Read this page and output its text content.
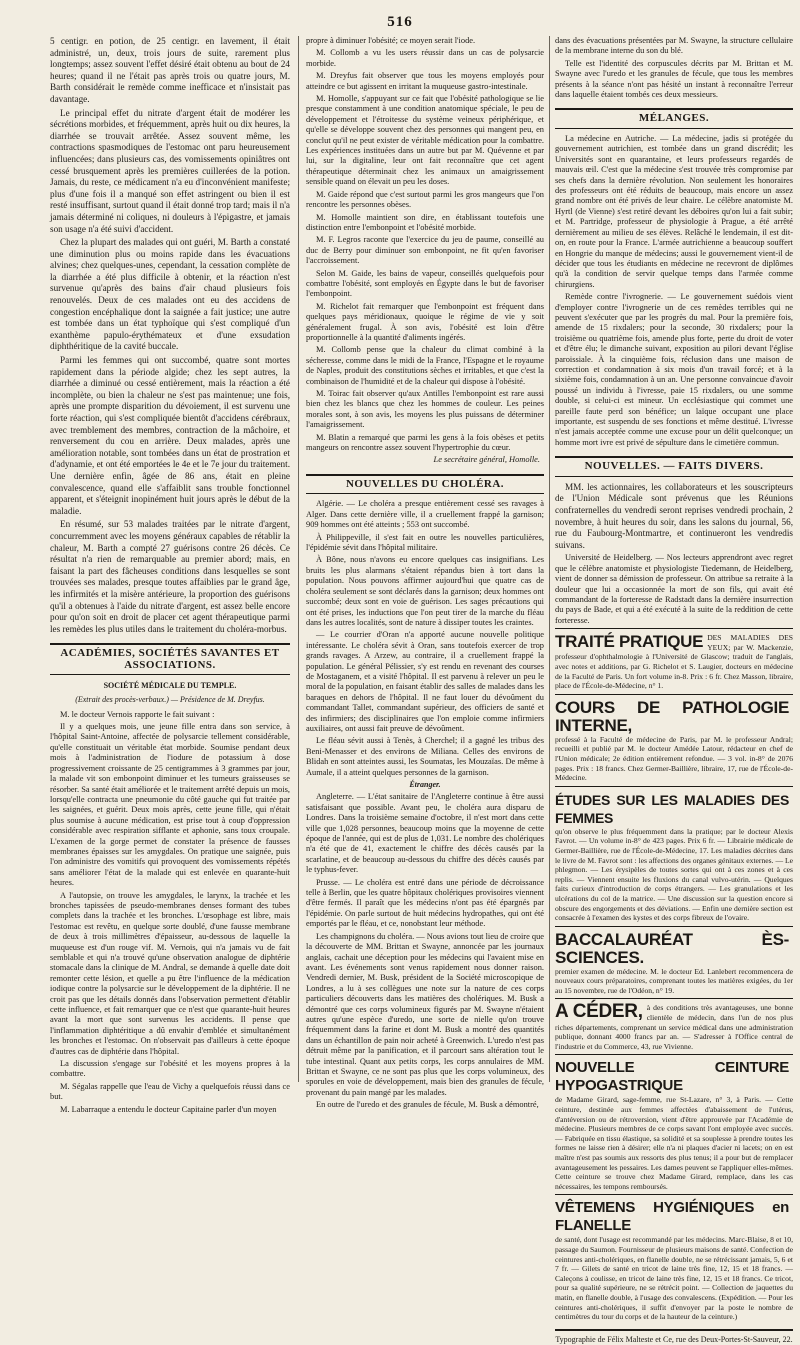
516

5 centigr. en potion, de 25 centigr. en lavement, il était administré, un, deux, trois jours de suite, rarement plus longtemps; assez souvent l'effet désiré était obtenu au bout de 24 heures; quand il ne l'était pas après trois ou quatre jours, M. Barth considérait le remède comme inefficace et n'insistait pas davantage.

Le principal effet du nitrate d'argent était de modérer les sécrétions morbides, et fréquemment, après huit ou dix heures, la diarrhée se trouvait arrêtée. Assez souvent même, les contractions spasmodiques de l'estomac ont paru heureusement influencées; dans plusieurs cas, des vomissements opiniâtres ont cessé brusquement après les premières cuillerées de la potion. Jamais, du reste, ce médicament n'a eu d'inconvénient manifeste; plus d'une fois il a manqué son effet astringent ou bien il est resté insuffisant, surtout quand il était donné trop tard; mais il n'a jamais déterminé ni coliques, ni douleurs à l'épigastre, et jamais son usage n'a été suivi d'accident.

Chez la plupart des malades qui ont guéri, M. Barth a constaté une diminution plus ou moins rapide dans les évacuations alvines; chez quelques-unes, cependant, la cessation complète de la diarrhée a été plus difficile à obtenir, et la réaction n'est survenue qu'après des bains d'air chaud plusieurs fois renouvelés. Deux de ces malades ont eu des accidens de congestion encéphalique dont la saignée a fait justice; une autre est tombée dans un état typhoïque qui s'est compliqué d'un exanthème papulo-érythémateux et d'une exsudation diphthéritique de la cavité buccale.

Parmi les femmes qui ont succombé, quatre sont mortes rapidement dans la période algide; chez les sept autres, la diarrhée a diminué ou cessé entièrement, mais la réaction a été incomplète, ou bien la chaleur ne s'est pas maintenue; une fois, après une prompte disparition du dévoiement, il est survenu une forte réaction, qui s'est compliquée bientôt d'accidens cérébraux, avec tremblement des membres, contraction de la mâchoire, et renversement du cou en arrière. Deux malades, après une amélioration notable, sont tombées dans un état de prostration et d'adynamie, et ont été emportées le 4e et le 7e jour du traitement. Une dernière enfin, âgée de 86 ans, était en pleine convalescence, quand elle s'affaiblit sans trouble fonctionnel apparent, et s'éteignit inopinément huit jours après le début de la maladie.

En résumé, sur 53 malades traitées par le nitrate d'argent, concurremment avec les moyens généraux capables de rétablir la chaleur, M. Barth a compté 27 guérisons contre 26 décès. Ce résultat n'a rien de remarquable au premier abord; mais, en faisant la part des fâcheuses conditions dans lesquelles se sont trouvées ses malades, presque toutes affaiblies par le grand âge, les infirmités et la misère antérieure, la proportion des guérisons qu'il a obtenues à l'aide du nitrate d'argent, est assez belle encore pour qu'on soit en droit de placer cet agent thérapeutique parmi les remèdes les plus utiles dans le traitement du choléra-morbus.

ACADÉMIES, SOCIÉTÉS SAVANTES ET ASSOCIATIONS.
SOCIÉTÉ MÉDICALE DU TEMPLE.
(Extrait des procès-verbaux.) — Présidence de M. Dreyfus.

M. le docteur Vernois rapporte le fait suivant :

Il y a quelques mois, une jeune fille entra dans son service, à l'hôpital Saint-Antoine, affectée de polysarcie tellement considérable, qu'elle constituait un véritable état morbide. Soumise pendant deux mois à l'administration de l'iodure de potassium à dose progressivement croissante de 25 centigrammes à 3 grammes par jour, la malade vit son embonpoint diminuer et les tumeurs graisseuses se résorber. Sa santé était améliorée et le traitement arrêté depuis un mois, lorsqu'elle contracta une pneumonie du côté gauche qui fut traitée par les saignées, et guérit. Deux mois après, cette jeune fille, qui n'était plus soumise à aucune médication, est prise tout à coup d'oppression considérable avec respiration sifflante et aphonie, sans toux croupale. L'examen de la gorge permet de constater la présence de fausses membranes épaisses sur les amygdales. On pratique une saignée, puis l'on administre des vomitifs qui provoquent des vomissements répétés sans améliorer l'état de la malade qui est enlevée en quarante-huit heures.

A l'autopsie, on trouve les amygdales, le larynx, la trachée et les bronches tapissées de pseudo-membranes denses formant des tubes complets dans la trachée et les bronches. L'œsophage est libre, mais l'estomac est revêtu, en quelque sorte doublé, d'une fausse membrane de deux à trois millimètres d'épaisseur, au-dessous de laquelle la muqueuse est d'un rouge vif. M. Vernois, qui n'a jamais vu de fait semblable et qui n'a trouvé qu'une observation analogue de diphtérie stomacale dans la clinique de M. Andral, se demande à quelle date doit remonter cette lésion, et quelle a pu être l'influence de la médication iodique contre la polysarcie sur le développement de la diphtérie. Il ne croit pas que les détails donnés dans l'observation permettent d'établir cette influence, et fait remarquer que ce n'est que quarante-huit heures avant la mort que sont survenus les accidents. Il pense que l'inflammation diphtéritique a dû envahir d'emblée et simultanément les bronches et l'estomac. On n'observait pas d'ailleurs à cette époque d'autres cas de diphtérie dans l'hôpital.

La discussion s'engage sur l'obésité et les moyens propres à la combattre.

M. Ségalas rappelle que l'eau de Vichy a quelquefois réussi dans ce but.

M. Labarraque a entendu le docteur Capitaine parler d'un moyen

propre à diminuer l'obésité; ce moyen serait l'iode.

M. Collomb a vu les users réussir dans un cas de polysarcie morbide.

M. Dreyfus fait observer que tous les moyens employés pour atteindre ce but agissent en irritant la muqueuse gastro-intestinale.

M. Homolle, s'appuyant sur ce fait que l'obésité pathologique se lie presque constamment à une condition anatomique spéciale, le peu de développement et l'étroitesse du système veineux périphérique, et qu'elle se développe souvent chez des personnes qui mangent peu, en conclut qu'il ne peut exister de véritable médication pour la combattre. Les expériences instituées dans un autre but par M. Quévenne et par lui, sur la digitaline, leur ont fait reconnaître que cet agent thérapeutique déterminait chez les animaux un amaigrissement sensible quand on élevait un peu les doses.

M. Gaide répond que c'est surtout parmi les gros mangeurs que l'on rencontre les personnes obèses.

M. Homolle maintient son dire, en établissant toutefois une distinction entre l'embonpoint et l'obésité morbide.

M. F. Legros raconte que l'exercice du jeu de paume, conseillé au duc de Berry pour diminuer son embonpoint, ne fit qu'en favoriser l'accroissement.

Selon M. Gaide, les bains de vapeur, conseillés quelquefois pour combattre l'obésité, sont employés en Égypte dans le but de favoriser l'embonpoint.

M. Richelot fait remarquer que l'embonpoint est fréquent dans quelques pays méridionaux, quoique le régime de vie y soit généralement frugal. À son avis, l'obésité est loin d'être proportionnelle à la quantité d'aliments ingérés.

M. Collomb pense que la chaleur du climat combiné à la sécheresse, comme dans le midi de la France, l'Espagne et le royaume de Naples, produit des constitutions sèches et irritables, et que c'est la combinaison de l'humidité et de la chaleur qui dispose à l'obésité.

M. Toirac fait observer qu'aux Antilles l'embonpoint est rare aussi bien chez les blancs que chez les hommes de couleur. Les peines morales sont, à son avis, les moyens les plus puissans de déterminer l'amaigrissement.

M. Blatin a remarqué que parmi les gens à la fois obèses et petits mangeurs on rencontre assez souvent l'hypertrophie du cœur.

Le secrétaire général, Homolle.
NOUVELLES DU CHOLÉRA.

Algérie. — Le choléra a presque entièrement cessé ses ravages à Alger. Dans cette dernière ville, il a cruellement frappé la garnison; 909 hommes ont été atteints ; 553 ont succombé.

À Philippeville, il s'est fait en outre les nouvelles particulières, l'épidémie sévit dans l'hôpital militaire.

À Bône, nous n'avons eu encore quelques cas insignifians. Les bruits les plus alarmans s'étaient répandus bien à tort dans la population. Nous pouvons affirmer aujourd'hui que quatre cas de choléra seulement se sont déclarés dans la garnison; deux hommes ont succombé; deux sont en voie de guérison. Les sages précautions qui ont été prises, les inductions que l'on peut tirer de la marche du fléau dans les autres localités, sont de nature à dissiper toutes les craintes.

— Le courrier d'Oran n'a apporté aucune nouvelle politique intéressante. Le choléra sévit à Oran, sans toutefois exercer de trop grands ravages. A Arzew, au contraire, il a cruellement frappé la population. Le général Pélissier, s'y est rendu en revenant des courses de Mostaganem, et a visité l'hôpital. Il est parvenu à relever un peu le moral de la population, en faisant établir des salles de malades dans les baraques en dehors de l'hôpital. Il ne faut louer du dévoûment du commandant Tallet, commandant supérieur, des officiers de santé et des infirmiers; des disciplinaires que l'on emploie comme infirmiers auxiliaires, ont aussi fait preuve de dévoûment.

Le fléau sévit aussi à Tenès, à Cherchel; il a gagné les tribus des Beni-Menasser et des environs de Miliana. Celles des environs de Blidah en sont atteintes aussi, les Soumatas, les Mouzaïas. De même à Aumale, il a atteint quelques personnes de la garnison.

Étranger.

Angleterre. — L'état sanitaire de l'Angleterre continue à être aussi satisfaisant que possible. Avant peu, le choléra aura disparu de Londres. Dans la troisième semaine d'octobre, il n'est mort dans cette ville que 1,028 personnes, beaucoup moins que la moyenne de cette époque de l'année, qui est de plus de 1,031. Le nombre des cholériques n'a été que de 41, exactement le chiffre des décès causés par la scarlatine, et de beaucoup au-dessous du chiffre des décès causés par le typhus-fever.

Prusse. — Le choléra est entré dans une période de décroissance telle à Berlin, que les quatre hôpitaux cholériques provisoires viennent d'être fermés. Il paraît que les médecins n'ont pas été épargnés par l'épidémie. On parle surtout de huit médecins hydropathes, qui ont été emportés par le fléau, et ce, nonobstant leur méthode.

Les champignons du choléra. — Nous avions tout lieu de croire que la découverte de MM. Brittan et Swayne, annoncée par les journaux anglais, cachait une déception pour les médecins qui l'avaient mise en avant. Les événements sont venus rapidement nous donner raison. Vendredi dernier, M. Busk, président de la Société microscopique de Londres, a lu à ses collègues une note sur la nature de ces corps particuliers découverts dans les matières des cholériques. M. Busk a démontré que ces corps volumineux figurés par M. Swayne n'étaient autres qu'une espèce d'uredo, une sorte de nielle qu'on trouve fréquemment dans la farine et dont M. Busk a montré des quantités dans un échantillon de pain noir acheté à Greenwich. L'uredo n'est pas détruit même par la panification, et il parcourt sans altération tout le tube intestinal. Quant aux petits corps, les corps annulaires de MM. Brittan et Swayne, ce ne sont pas plus que les corps volumineux, des sporules en voie de développement, mais bien des granules de fécule, provenant du pain mangé par les malades.

En outre de l'uredo et des granules de fécule, M. Busk a démontré,

dans des évacuations présentées par M. Swayne, la structure cellulaire de la membrane interne du son du blé.

Telle est l'identité des corpuscules décrits par M. Brittan et M. Swayne avec l'uredo et les granules de fécule, que tous les membres présents à la séance n'ont pas hésité un instant à reconnaître l'erreur dans laquelle étaient tombés ces deux messieurs.

MÉLANGES.

La médecine en Autriche. — La médecine, jadis si protégée du gouvernement autrichien, est tombée dans un grand discrédit; les Universités sont en quarantaine, et leurs professeurs regardés de mauvais œil. C'est que la médecine s'est trouvée très compromise par ses chefs dans la dernière révolution. Non seulement les honoraires des professeurs ont été réduits de beaucoup, mais encore un assez grand nombre ont été privés de leur chaire. Le célèbre anatomiste M. Hyrtl (de Vienne) s'est retiré devant les déboires qu'on lui a fait subir; et M. Partridge, professeur de physiologie à Prague, a été arrêté dernièrement au milieu de ses élèves. Relâché le lendemain, il est dit-on, en route pour la France. L'armée autrichienne a beaucoup souffert en Hongrie du manque de médecins; aussi le gouvernement vient-il de décider que tous les étudiants en médecine ne recevront de diplômes qu'à la condition de servir quelque temps dans l'armée comme chirurgiens.

Remède contre l'ivrognerie. — Le gouvernement suédois vient d'employer contre l'ivrognerie un de ces remèdes terribles qui ne peuvent s'exécuter que par les progrès du mal. Pour la première fois, amende de 15 rixdalers; pour la seconde, 30 rixdalers; pour la troisième ou quatrième fois, amende plus forte, perte du droit de voter et d'être élu; le dimanche suivant, exposition au pilori devant l'église paroissiale. À la cinquième fois, réclusion dans une maison de correction et condamnation à six mois d'un travail forcé; et à la sixième fois, condamnation à un an. Une personne convaincue d'avoir poussé un individu à l'ivresse, paie 15 rixdalers, ou une somme double, si celui-ci est mineur. Un ecclésiastique qui commet une pareille faute perd son bénéfice; un laïque occupant une place importante, est suspendu de ses fonctions et même destitué. L'ivresse n'est jamais acceptée comme une excuse pour un délit quelconque; un homme mort ivre est privé de sépulture dans le cimetière commun.

NOUVELLES. — FAITS DIVERS.

MM. les actionnaires, les collaborateurs et les souscripteurs de l'Union Médicale sont prévenus que les Réunions confraternelles du vendredi seront reprises vendredi prochain, 2 novembre, à huit heures du soir, dans les salons du journal, 56, rue du Faubourg-Montmartre, et continueront les vendredis suivans.

Université de Heidelberg. — Nos lecteurs apprendront avec regret que le célèbre anatomiste et physiologiste Tiedemann, de Heidelberg, vient de donner sa démission de professeur. On attribue sa retraite à la douleur que lui a occasionnée la mort de son fils, qui avait été commandant de la forteresse de Radstadt dans la dernière insurrection du pays de Bade, et qui a été exécuté à la suite de la reddition de cette forteresse.

TRAITÉ PRATIQUE DES MALADIES DES YEUX; par W. Mackenzie, professeur d'ophthalmologie à l'Université de Glascow; traduit de l'anglais, avec notes et additions, par G. Richelot et S. Laugier, docteurs en médecine de la Faculté de Paris. Un fort volume in-8. Prix : 6 fr. Chez Masson, libraire, place de l'École-de-Médecine, n° 1.
COURS DE PATHOLOGIE INTERNE,
professé à la Faculté de médecine de Paris, par M. le professeur Andral; recueilli et publié par M. le docteur Amédée Latour, rédacteur en chef de l'Union médicale; 2e édition entièrement refondue. — 3 vol. in-8° de 2076 pages. Prix : 18 francs. Chez Germer-Baillière, libraire, 17, rue de l'École-de-Médecine.
ÉTUDES SUR LES MALADIES DES FEMMES
qu'on observe le plus fréquemment dans la pratique; par le docteur Alexis Favrot. — Un volume in-8° de 423 pages. Prix 6 fr. — Librairie médicale de Germer-Baillière, rue de l'École-de-Médecine, 17. Les maladies décrites dans le livre de M. Favrot sont : les affections des organes génitaux externes. — Le phlegmon. — Les érysipèles de toutes sortes qui ont à ces zones et à ces replis. — Viennent ensuite les fluxions du canal vulvo-utérin. — Quelques faits curieux d'introduction de corps étrangers. — Les granulations et les ulcérations du col de la matrice. — Une discussion sur la question encore si obscure des engorgements et des déviations. — Enfin une dernière section est consacrée à l'examen des kystes et des corps fibreux de l'ovaire.
BACCALAURÉAT ÈS-SCIENCES.
premier examen de médecine. M. le docteur Ed. Lanlebert recommencera de nouveaux cours préparatoires, comprenant toutes les matières exigées, du 1er au 15 novembre, rue de l'Odéon, n° 19.
A CÉDER, à des conditions très avantageuses, une bonne clientèle de médecin, dans l'un de nos plus riches départements, comprenant un service médical dans une administration publique, donnant 4000 francs par an. — S'adresser à l'Office central de l'industrie et du Commerce, 43, rue Vivienne.
NOUVELLE CEINTURE HYPOGASTRIQUE
de Madame Girard, sage-femme, rue St-Lazare, n° 3, à Paris. — Cette ceinture, destinée aux femmes affectées d'abaissement de l'utérus, d'antéversion ou de rétroversion, vient d'être approuvée par l'Académie de médecine. Plusieurs membres de ce corps savant l'ont employée avec succès. — Fabriquée en tissu élastique, sa solidité et sa souplesse à prendre toutes les formes ne laisse rien à désirer; elle n'a ni plaques d'acier ni lacets; on en est maître n'est pas soumis aux ressorts des plus tenus; il a pour but de remplacer avantageusement les pessaires. Les dames peuvent se l'appliquer elles-mêmes. Cette ceinture se trouve chez Madame Girard, remplace, dans les cas nécessaires, les tempons remboursés.
VÊTEMENS HYGIÉNIQUES en FLANELLE
de santé, dont l'usage est recommandé par les médecins. Marc-Blaise, 8 et 10, passage du Saumon. Fournisseur de plusieurs maisons de santé. Confection de ceintures anti-cholériques, en flanelle double, ne se rétrécissant jamais, 5, 6 et 7 fr. — Gilets de santé en tricot de laine très fine, 12, 15 et 18 francs. — Caleçons à coulisse, en tricot de laine très fine, 12, 15 et 18 francs. Ce tricot, pour sa qualité supérieure, ne se rétrécit point. — Collection de jaquettes du matin, en flanelle double, à l'usage des convalescens. (Expédition. — Pour les ceintures anti-cholériques, il suffit d'envoyer par la poste le nombre de centimètres du tour du corps et de la hauteur de la ceinture.)
Typographie de Félix Malteste et Ce, rue des Deux-Portes-St-Sauveur, 22.
